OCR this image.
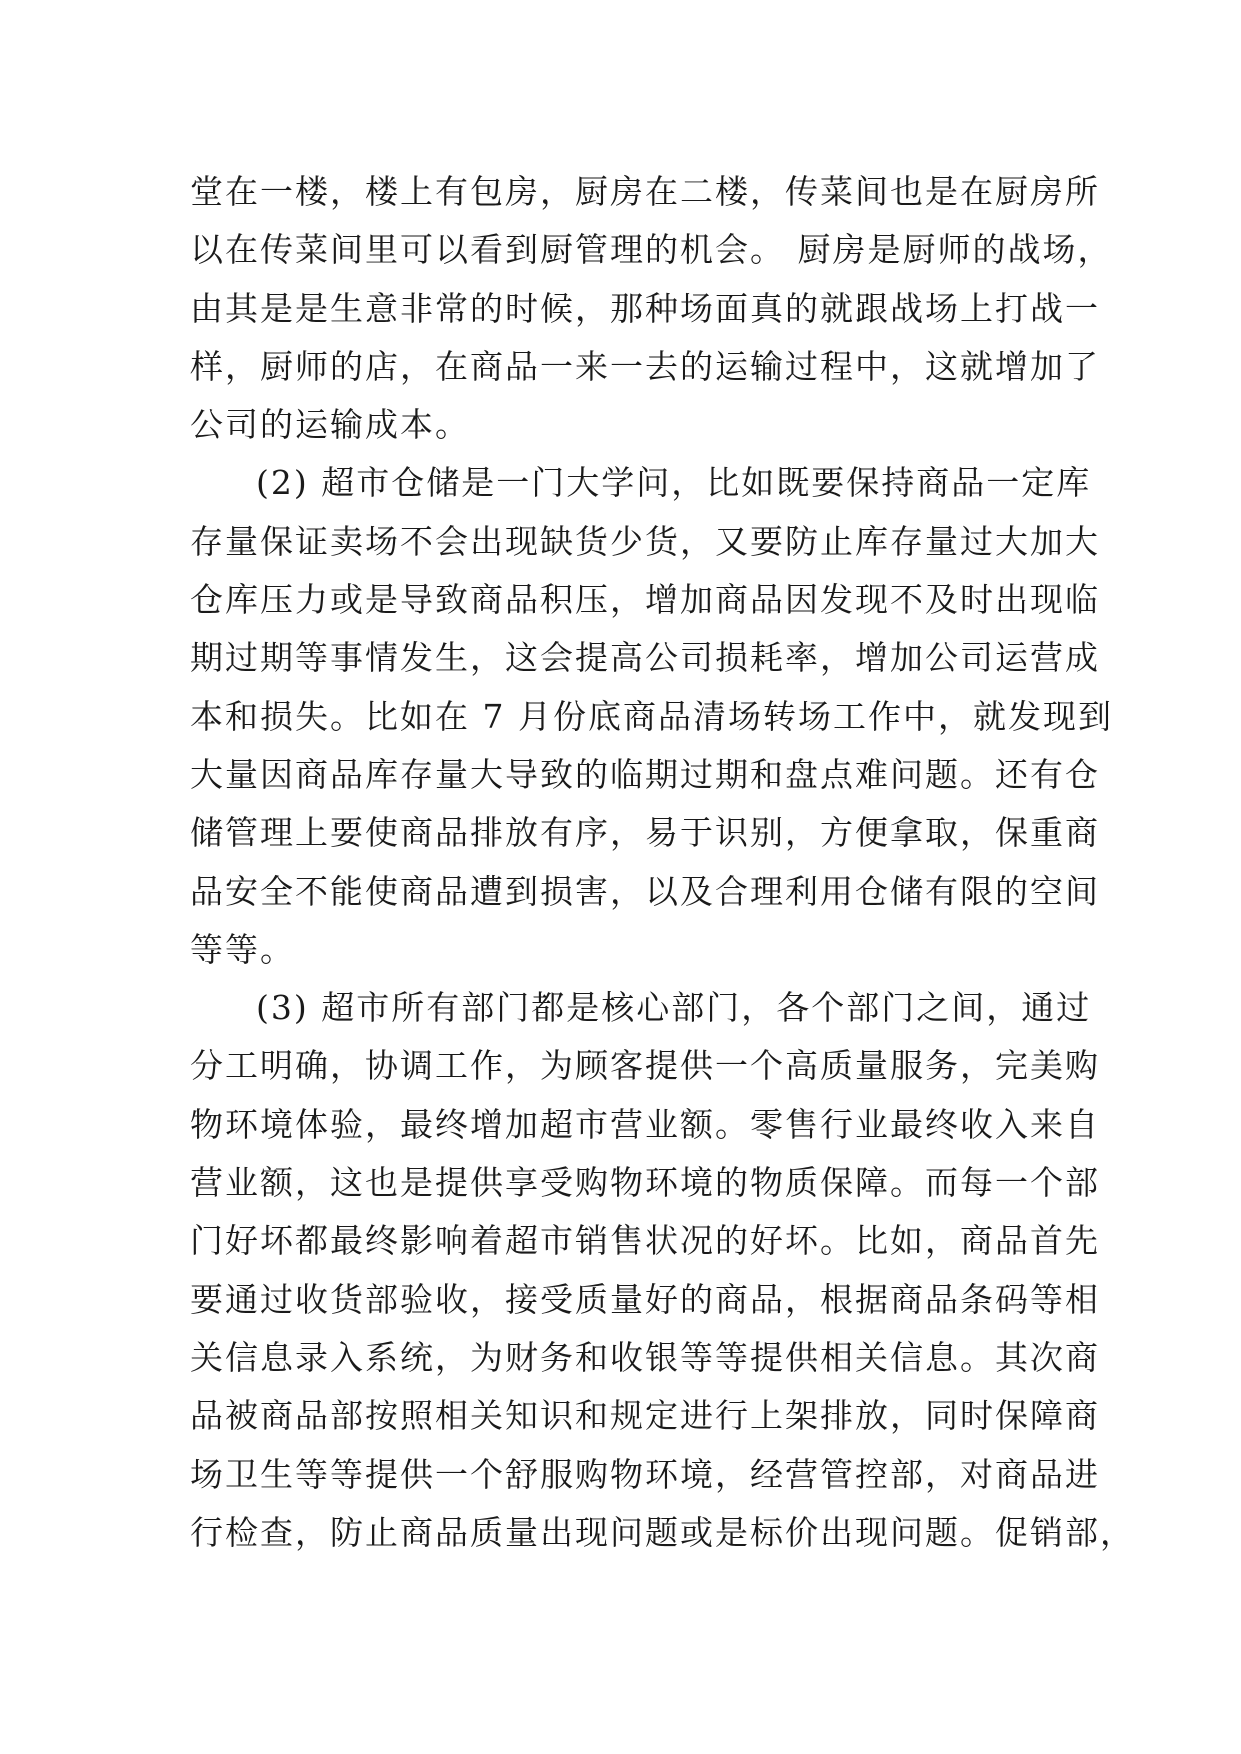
堂在一楼，楼上有包房，厨房在二楼，传菜间也是在厨房所
以在传菜间里可以看到厨管理的机会。 厨房是厨师的战场，
由其是是生意非常的时候，那种场面真的就跟战场上打战一
样，厨师的店，在商品一来一去的运输过程中，这就增加了
公司的运输成本。
(2) 超市仓储是一门大学问，比如既要保持商品一定库
存量保证卖场不会出现缺货少货，又要防止库存量过大加大
仓库压力或是导致商品积压，增加商品因发现不及时出现临
期过期等事情发生，这会提高公司损耗率，增加公司运营成
本和损失。比如在 7 月份底商品清场转场工作中，就发现到
大量因商品库存量大导致的临期过期和盘点难问题。还有仓
储管理上要使商品排放有序，易于识别，方便拿取，保重商
品安全不能使商品遭到损害，以及合理利用仓储有限的空间
等等。
(3) 超市所有部门都是核心部门，各个部门之间，通过
分工明确，协调工作，为顾客提供一个高质量服务，完美购
物环境体验，最终增加超市营业额。零售行业最终收入来自
营业额，这也是提供享受购物环境的物质保障。而每一个部
门好坏都最终影响着超市销售状况的好坏。比如，商品首先
要通过收货部验收，接受质量好的商品，根据商品条码等相
关信息录入系统，为财务和收银等等提供相关信息。其次商
品被商品部按照相关知识和规定进行上架排放，同时保障商
场卫生等等提供一个舒服购物环境，经营管控部，对商品进
行检查，防止商品质量出现问题或是标价出现问题。促销部，
